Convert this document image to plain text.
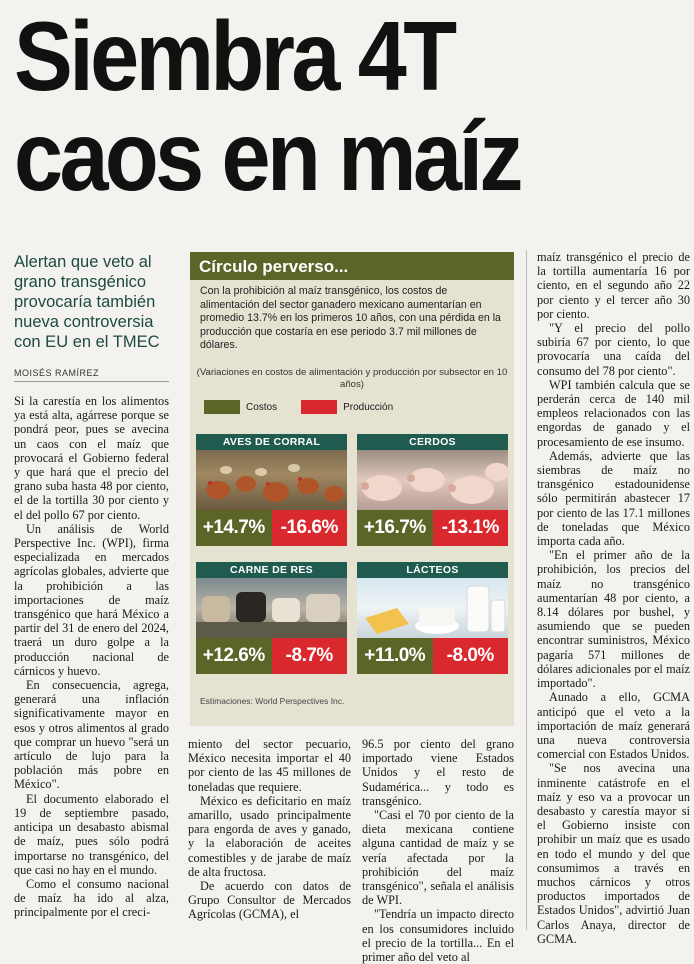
Siembra 4T
caos en maíz
Alertan que veto al grano transgénico provocaría también nueva controversia con EU en el TMEC
MOISÉS RAMÍREZ

Si la carestía en los alimentos ya está alta, agárrese porque se pondrá peor, pues se avecina un caos con el maíz que provocará el Gobierno federal y que hará que el precio del grano suba hasta 48 por ciento, el de la tortilla 30 por ciento y el del pollo 67 por ciento.

Un análisis de World Perspective Inc. (WPI), firma especializada en mercados agrícolas globales, advierte que la prohibición a las importaciones de maíz transgénico que hará México a partir del 31 de enero del 2024, traerá un duro golpe a la producción nacional de cárnicos y huevo.

En consecuencia, agrega, generará una inflación significativamente mayor en esos y otros alimentos al grado que comprar un huevo "será un artículo de lujo para la población más pobre en México".

El documento elaborado el 19 de septiembre pasado, anticipa un desabasto abismal de maíz, pues sólo podrá importarse no transgénico, del que casi no hay en el mundo.

Como el consumo nacional de maíz ha ido al alza, principalmente por el creci-

Círculo perverso...
Con la prohibición al maíz transgénico, los costos de alimentación del sector ganadero mexicano aumentarían en promedio 13.7% en los primeros 10 años, con una pérdida en la producción que costaría en ese periodo 3.7 mil millones de dólares.
(Variaciones en costos de alimentación y producción por subsector en 10 años)
Costos	Producción
AVES DE CORRAL
+14.7% -16.6%
CERDOS
+16.7% -13.1%
CARNE DE RES
+12.6%	-8.7%
LÁCTEOS
+11.0%	-8.0%
Estimaciones: World Perspectives Inc.

miento del sector pecuario, México necesita importar el 40 por ciento de las 45 millones de toneladas que requiere.

México es deficitario en maíz amarillo, usado principalmente para engorda de aves y ganado, y la elaboración de aceites comestibles y de jarabe de maíz de alta fructosa.

De acuerdo con datos de Grupo Consultor de Mercados Agrícolas (GCMA), el

96.5 por ciento del grano importado viene Estados Unidos y el resto de Sudamérica... y todo es transgénico.

"Casi el 70 por ciento de la dieta mexicana contiene alguna cantidad de maíz y se vería afectada por la prohibición del maíz transgénico", señala el análisis de WPI.

"Tendría un impacto directo en los consumidores incluido el precio de la tortilla... En el primer año del veto al

maíz transgénico el precio de la tortilla aumentaría 16 por ciento, en el segundo año 22 por ciento y el tercer año 30 por ciento.

"Y el precio del pollo subiría 67 por ciento, lo que provocaría una caída del consumo del 78 por ciento".

WPI también calcula que se perderán cerca de 140 mil empleos relacionados con las engordas de ganado y el procesamiento de ese insumo.

Además, advierte que las siembras de maíz no transgénico estadounidense sólo permitirán abastecer 17 por ciento de las 17.1 millones de toneladas que México importa cada año.

"En el primer año de la prohibición, los precios del maíz no transgénico aumentarían 48 por ciento, a 8.14 dólares por bushel, y asumiendo que se pueden encontrar suministros, México pagaría 571 millones de dólares adicionales por el maíz importado".

Aunado a ello, GCMA anticipó que el veto a la importación de maíz generará una nueva controversia comercial con Estados Unidos.

"Se nos avecina una inminente catástrofe en el maíz y eso va a provocar un desabasto y carestía mayor si el Gobierno insiste con prohibir un maíz que es usado en todo el mundo y del que consumimos a través en muchos cárnicos y otros productos importados de Estados Unidos", advirtió Juan Carlos Anaya, director de GCMA.
